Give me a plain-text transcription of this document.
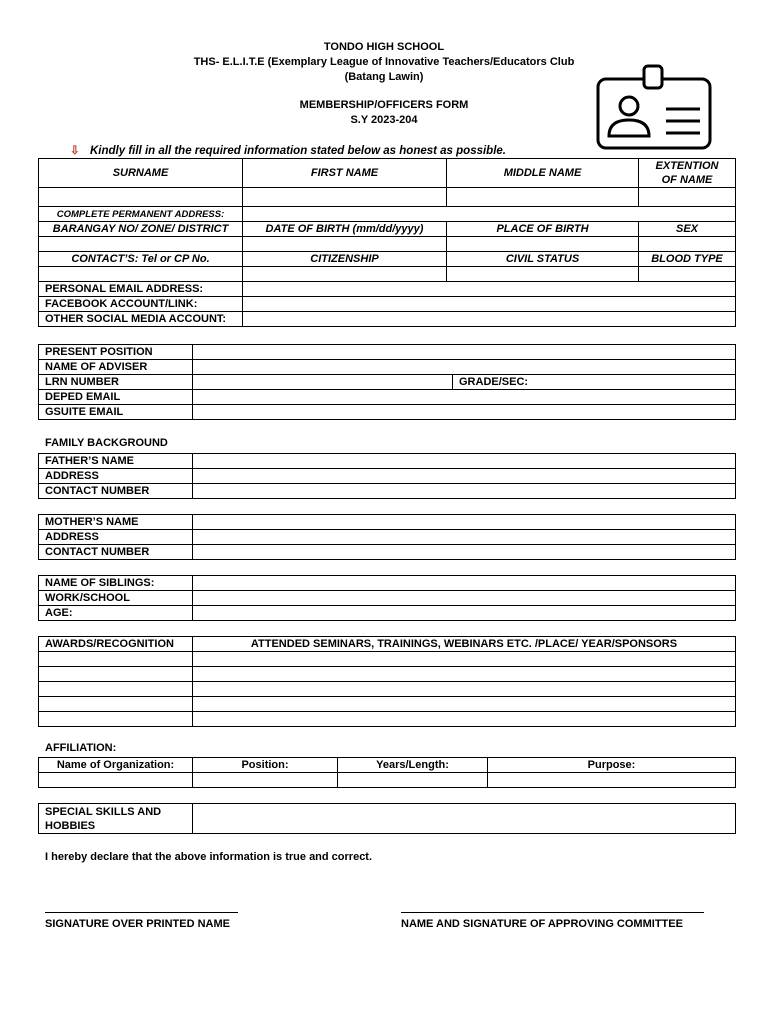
TONDO HIGH SCHOOL
THS- E.L.I.T.E (Exemplary League of Innovative Teachers/Educators Club
(Batang Lawin)
MEMBERSHIP/OFFICERS FORM
S.Y 2023-204
⇩ Kindly fill in all the required information stated below as honest as possible.
SURNAME	FIRST NAME	MIDDLE NAME	EXTENTION
OF NAME

COMPLETE PERMANENT ADDRESS:			
BARANGAY NO/ ZONE/ DISTRICT	DATE OF BIRTH (mm/dd/yyyy)	PLACE OF BIRTH	SEX

CONTACT’S: Tel or CP No.	CITIZENSHIP	CIVIL STATUS	BLOOD TYPE

PERSONAL EMAIL ADDRESS:			
FACEBOOK ACCOUNT/LINK:			
OTHER SOCIAL MEDIA ACCOUNT:			
PRESENT POSITION		
NAME OF ADVISER		
LRN NUMBER		GRADE/SEC:
DEPED EMAIL		
GSUITE EMAIL		
FAMILY BACKGROUND
FATHER’S NAME	
ADDRESS	
CONTACT NUMBER	
MOTHER’S NAME	
ADDRESS	
CONTACT NUMBER	
NAME OF SIBLINGS:	
WORK/SCHOOL	
AGE:	
AWARDS/RECOGNITION	ATTENDED SEMINARS, TRAININGS, WEBINARS ETC. /PLACE/ YEAR/SPONSORS

AFFILIATION:
Name of Organization:	Position:	Years/Length:	Purpose:

SPECIAL SKILLS AND
HOBBIES	
I hereby declare that the above information is true and correct.
SIGNATURE OVER PRINTED NAME	NAME AND SIGNATURE OF APPROVING COMMITTEE
